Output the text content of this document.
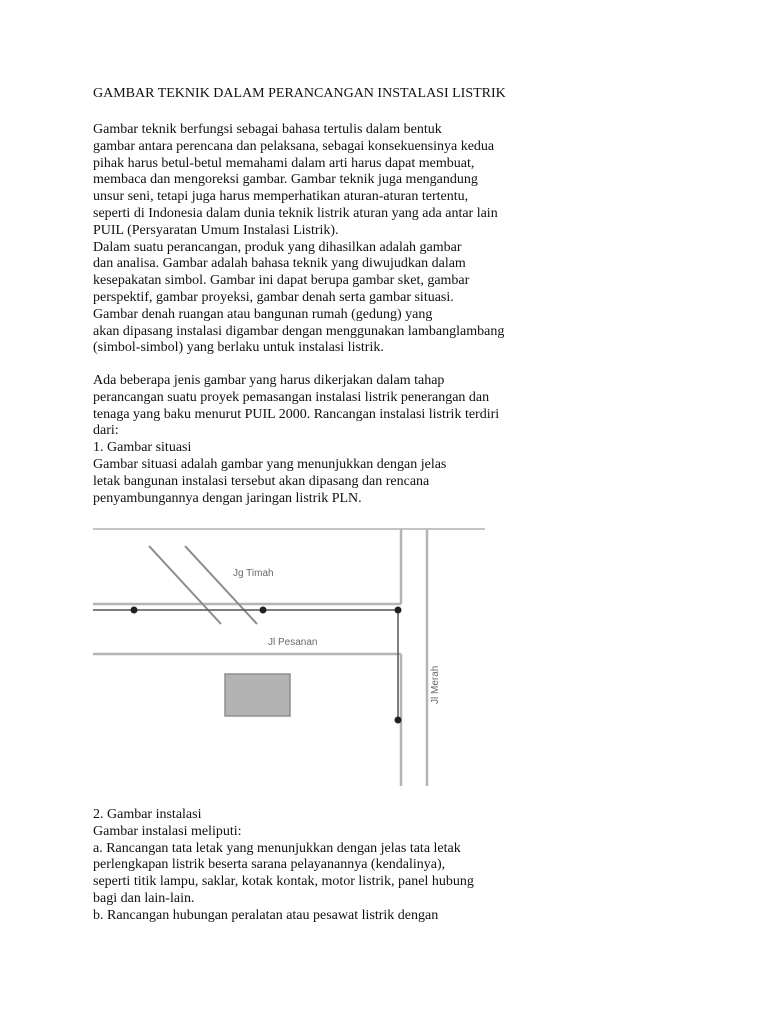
GAMBAR TEKNIK DALAM PERANCANGAN INSTALASI LISTRIK

Gambar teknik berfungsi sebagai bahasa tertulis dalam bentuk
gambar antara perencana dan pelaksana, sebagai konsekuensinya kedua
pihak harus betul-betul memahami dalam arti harus dapat membuat,
membaca dan mengoreksi gambar. Gambar teknik juga mengandung
unsur seni, tetapi juga harus memperhatikan aturan-aturan tertentu,
seperti di Indonesia dalam dunia teknik listrik aturan yang ada antar lain
PUIL (Persyaratan Umum Instalasi Listrik).
Dalam suatu perancangan, produk yang dihasilkan adalah gambar
dan analisa. Gambar adalah bahasa teknik yang diwujudkan dalam
kesepakatan simbol. Gambar ini dapat berupa gambar sket, gambar
perspektif, gambar proyeksi, gambar denah serta gambar situasi.
Gambar denah ruangan atau bangunan rumah (gedung) yang
akan dipasang instalasi digambar dengan menggunakan lambanglambang
(simbol-simbol) yang berlaku untuk instalasi listrik.

Ada beberapa jenis gambar yang harus dikerjakan dalam tahap
perancangan suatu proyek pemasangan instalasi listrik penerangan dan
tenaga yang baku menurut PUIL 2000. Rancangan instalasi listrik terdiri
dari:
1. Gambar situasi
Gambar situasi adalah gambar yang menunjukkan dengan jelas
letak bangunan instalasi tersebut akan dipasang dan rencana
penyambungannya dengan jaringan listrik PLN.

Jg Timah
Jl Pesanan
Jl Merah

2. Gambar instalasi
Gambar instalasi meliputi:
a. Rancangan tata letak yang menunjukkan dengan jelas tata letak
perlengkapan listrik beserta sarana pelayanannya (kendalinya),
seperti titik lampu, saklar, kotak kontak, motor listrik, panel hubung
bagi dan lain-lain.
b. Rancangan hubungan peralatan atau pesawat listrik dengan
